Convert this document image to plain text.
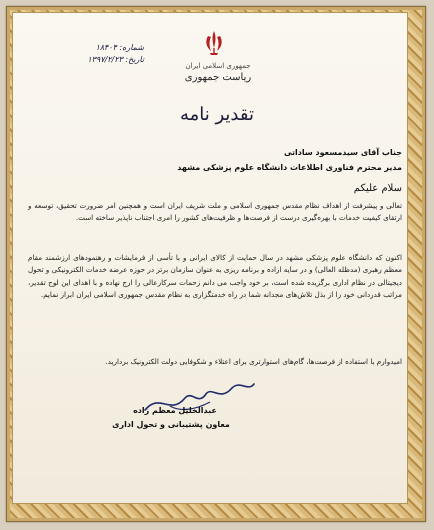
جمهوری اسلامی ایران
ریاست جمهوری
شماره: ۱۸۴۰۴
تاریخ: ۱۳۹۷/۲/۲۳
تقدیر نامه
جناب آقای سیدمسعود ساداتی
مدیر محترم فناوری اطلاعات دانشگاه علوم پزشکی مشهد
سلام علیکم
تعالی و پیشرفت از اهداف نظام مقدس جمهوری اسلامی و ملت شریف ایران است و همچنین امر ضرورت تحقیق، توسعه و ارتقای کیفیت خدمات با بهره‌گیری درست از فرصت‌ها و ظرفیت‌های کشور را امری اجتناب ناپذیر ساخته است.
اکنون که دانشگاه علوم پزشکی مشهد در سال حمایت از کالای ایرانی و با تأسی از فرمایشات و رهنمودهای ارزشمند مقام معظم رهبری (مدظله العالی) و در سایه اراده و برنامه ریزی به عنوان سازمان برتر در حوزه عرضه خدمات الکترونیکی و تحول دیجیتالی در نظام اداری برگزیده شده است، بر خود واجب می دانم زحمات سرکارعالی را ارج نهاده و با اهدای این لوح تقدیر، مراتب قدردانی خود را از بذل تلاش‌های مجدانه شما در راه خدمتگزاری به نظام مقدس جمهوری اسلامی ایران ابراز نمایم.
امیدوارم با استفاده از فرصت‌ها، گام‌های استوارتری برای اعتلاء و شکوفایی دولت الکترونیک بردارید.
عبدالخلیل معظم زاده
معاون پشتیبانی و تحول اداری
